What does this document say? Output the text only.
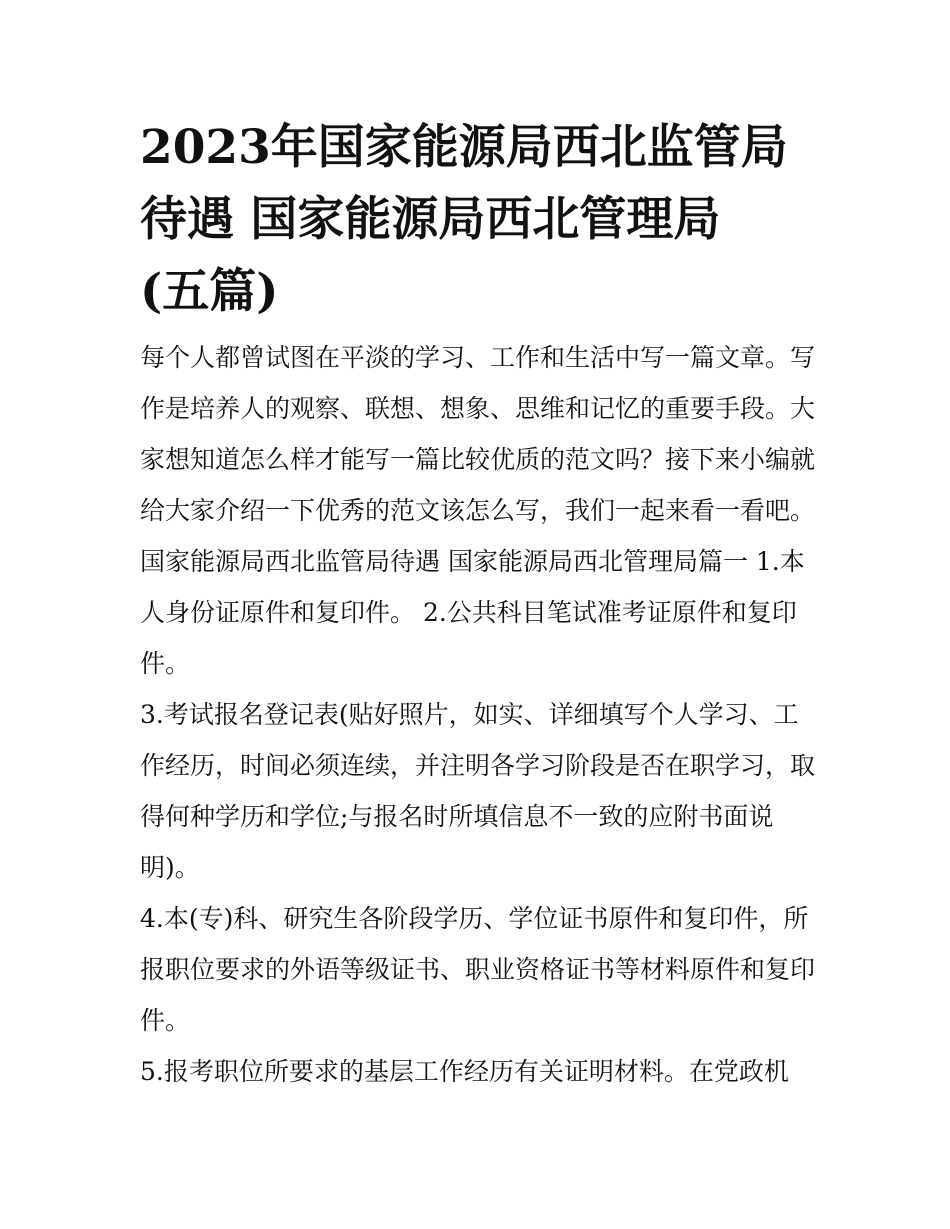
2023年国家能源局西北监管局
待遇 国家能源局西北管理局
(五篇)
每个人都曾试图在平淡的学习、工作和生活中写一篇文章。写
作是培养人的观察、联想、想象、思维和记忆的重要手段。大
家想知道怎么样才能写一篇比较优质的范文吗？接下来小编就
给大家介绍一下优秀的范文该怎么写，我们一起来看一看吧。
国家能源局西北监管局待遇 国家能源局西北管理局篇一 1.本
人身份证原件和复印件。 2.公共科目笔试准考证原件和复印
件。
3.考试报名登记表(贴好照片，如实、详细填写个人学习、工
作经历，时间必须连续，并注明各学习阶段是否在职学习，取
得何种学历和学位;与报名时所填信息不一致的应附书面说
明)。
4.本(专)科、研究生各阶段学历、学位证书原件和复印件，所
报职位要求的外语等级证书、职业资格证书等材料原件和复印
件。
5.报考职位所要求的基层工作经历有关证明材料。在党政机
